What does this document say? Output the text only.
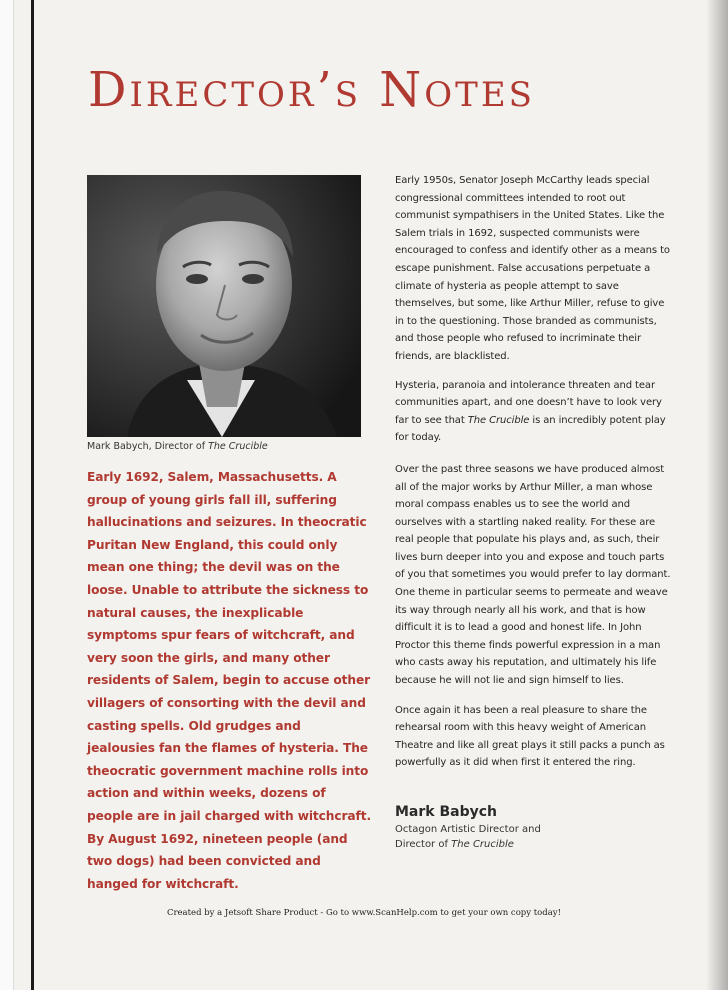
Director’s Notes
Mark Babych, Director of The Crucible

Early 1692, Salem, Massachusetts. A group of young girls fall ill, suffering hallucinations and seizures. In theocratic Puritan New England, this could only mean one thing; the devil was on the loose. Unable to attribute the sickness to natural causes, the inexplicable symptoms spur fears of witchcraft, and very soon the girls, and many other residents of Salem, begin to accuse other villagers of consorting with the devil and casting spells. Old grudges and jealousies fan the flames of hysteria. The theocratic government machine rolls into action and within weeks, dozens of people are in jail charged with witchcraft. By August 1692, nineteen people (and two dogs) had been convicted and hanged for witchcraft.

Early 1950s, Senator Joseph McCarthy leads special congressional committees intended to root out communist sympathisers in the United States. Like the Salem trials in 1692, suspected communists were encouraged to confess and identify other as a means to escape punishment. False accusations perpetuate a climate of hysteria as people attempt to save themselves, but some, like Arthur Miller, refuse to give in to the questioning. Those branded as communists, and those people who refused to incriminate their friends, are blacklisted.

Hysteria, paranoia and intolerance threaten and tear communities apart, and one doesn’t have to look very far to see that The Crucible is an incredibly potent play for today.

Over the past three seasons we have produced almost all of the major works by Arthur Miller, a man whose moral compass enables us to see the world and ourselves with a startling naked reality. For these are real people that populate his plays and, as such, their lives burn deeper into you and expose and touch parts of you that sometimes you would prefer to lay dormant. One theme in particular seems to permeate and weave its way through nearly all his work, and that is how difficult it is to lead a good and honest life. In John Proctor this theme finds powerful expression in a man who casts away his reputation, and ultimately his life because he will not lie and sign himself to lies.

Once again it has been a real pleasure to share the rehearsal room with this heavy weight of American Theatre and like all great plays it still packs a punch as powerfully as it did when first it entered the ring.

Mark Babych
Octagon Artistic Director and
Director of The Crucible
Created by a Jetsoft Share Product - Go to www.ScanHelp.com to get your own copy today!
